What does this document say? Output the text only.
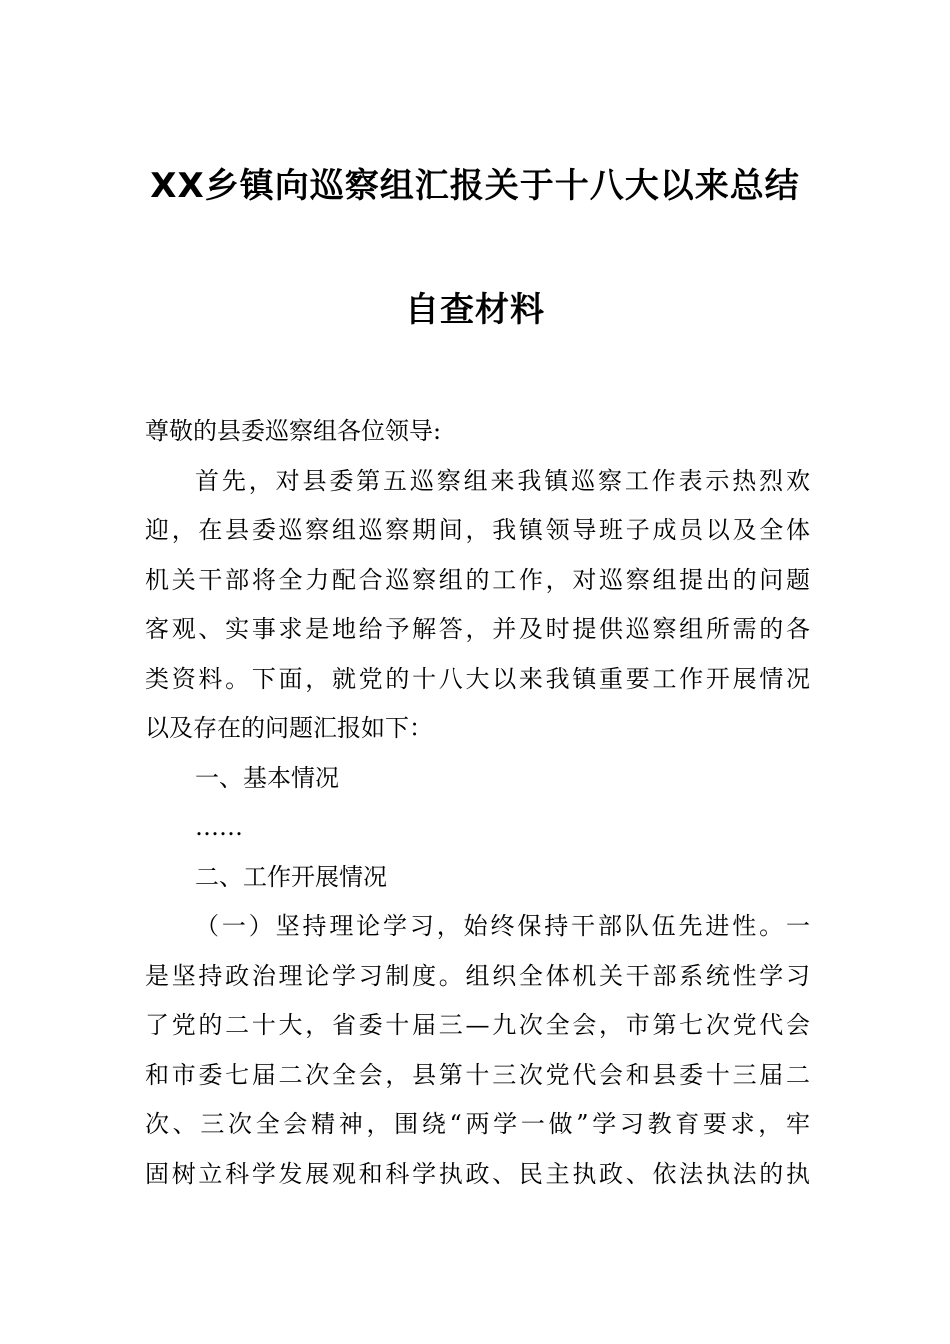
XX乡镇向巡察组汇报关于十八大以来总结
自查材料
尊敬的县委巡察组各位领导:
首先，对县委第五巡察组来我镇巡察工作表示热烈欢
迎，在县委巡察组巡察期间，我镇领导班子成员以及全体
机关干部将全力配合巡察组的工作，对巡察组提出的问题
客观、实事求是地给予解答，并及时提供巡察组所需的各
类资料。下面，就党的十八大以来我镇重要工作开展情况
以及存在的问题汇报如下：
一、基本情况
……
二、工作开展情况
（一）坚持理论学习，始终保持干部队伍先进性。一
是坚持政治理论学习制度。组织全体机关干部系统性学习
了党的二十大，省委十届三—九次全会，市第七次党代会
和市委七届二次全会，县第十三次党代会和县委十三届二
次、三次全会精神，围绕“两学一做”学习教育要求，牢
固树立科学发展观和科学执政、民主执政、依法执法的执
